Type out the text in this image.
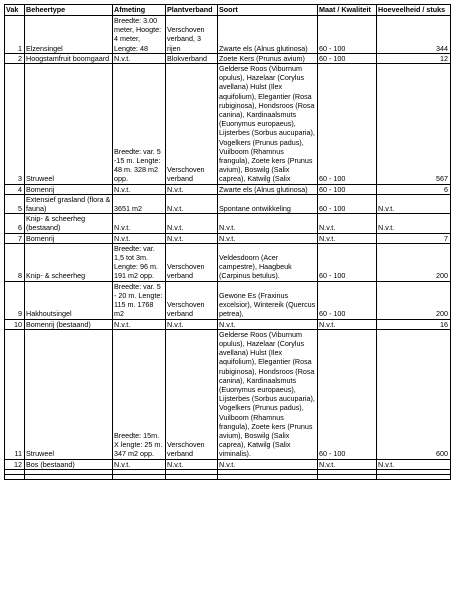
Vak	Beheertype	Afmeting	Plantverband	Soort	Maat / Kwaliteit	Hoeveelheid / stuks
1	Elzensingel	Breedte: 3.00 meter, Hoogte: 4 meter, Lengte: 48	Verschoven verband, 3 rijen	Zwarte els (Alnus glutinosa)	60 - 100	344
2	Hoogstamfruit boomgaard	N.v.t.	Blokverband	Zoete Kers (Prunus avium)	60 - 100	12
3	Struweel	Breedte: var. 5 -15 m. Lengte: 48 m. 328 m2 opp.	Verschoven verband	Gelderse Roos (Viburnum opulus), Hazelaar (Corylus avellana) Hulst (Ilex aquifolium), Elegantier (Rosa rubiginosa), Hondsroos (Rosa canina), Kardinaalsmuts (Euonymus europaeus), Lijsterbes (Sorbus aucuparia), Vogelkers (Prunus padus), Vuilboom (Rhamnus frangula), Zoete kers (Prunus avium), Boswilg (Salix caprea), Katwilg (Salix	60 - 100	567
4	Bomenrij	N.v.t.	N.v.t.	Zwarte els (Alnus glutinosa)	60 - 100	6
5	Extensief grasland (flora & fauna)	3651 m2	N.v.t.	Spontane ontwikkeling	60 - 100	N.v.t.
6	Knip- & scheerheg (bestaand)	N.v.t.	N.v.t.	N.v.t.	N.v.t.	N.v.t.
7	Bomenrij	N.v.t.	N.v.t.	N.v.t.	N.v.t.	7
8	Knip- & scheerheg	Breedte: var. 1,5 tot 3m. Lengte: 96 m. 191 m2 opp.	Verschoven verband	Veldesdoorn (Acer campestre), Haagbeuk (Carpinus betulus).	60 - 100	200
9	Hakhoutsingel	Breedte: var. 5 - 20 m. Lengte: 115 m. 1768 m2	Verschoven verband	Gewone Es (Fraxinus excelsior), Wintereik (Quercus petrea),	60 - 100	200
10	Bomenrij (bestaand)	N.v.t.	N.v.t.	N.v.t.	N.v.t.	16
11	Struweel	Breedte: 15m. X lengte: 25 m. 347 m2 opp.	Verschoven verband	Gelderse Roos (Viburnum opulus), Hazelaar (Corylus avellana) Hulst (Ilex aquifolium), Elegantier (Rosa rubiginosa), Hondsroos (Rosa canina), Kardinaalsmuts (Euonymus europaeus), Lijsterbes (Sorbus aucuparia), Vogelkers (Prunus padus), Vuilboom (Rhamnus frangula), Zoete kers (Prunus avium), Boswilg (Salix caprea), Katwilg (Salix viminalis).	60 - 100	600
12	Bos (bestaand)	N.v.t.	N.v.t.	N.v.t.	N.v.t.	N.v.t.
